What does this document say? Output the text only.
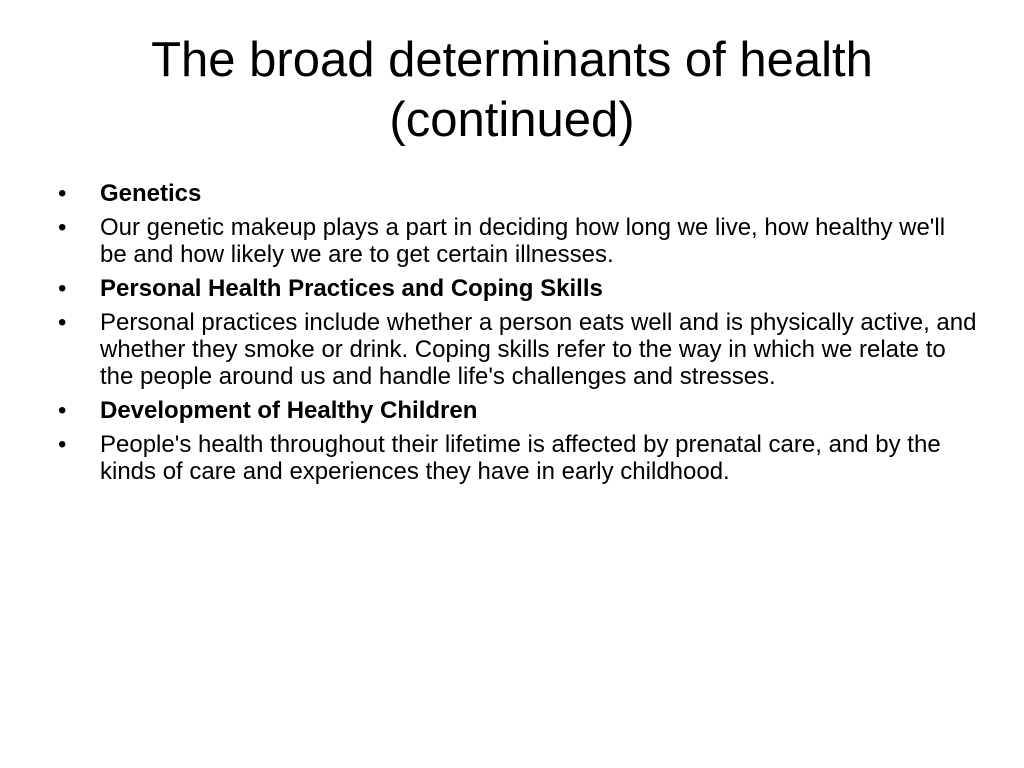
The broad determinants of health
(continued)
• Genetics
• Our genetic makeup plays a part in deciding how long we live, how healthy we'll be and how likely we are to get certain illnesses.
• Personal Health Practices and Coping Skills
• Personal practices include whether a person eats well and is physically active, and whether they smoke or drink. Coping skills refer to the way in which we relate to the people around us and handle life's challenges and stresses.
• Development of Healthy Children
• People's health throughout their lifetime is affected by prenatal care, and by the kinds of care and experiences they have in early childhood.
